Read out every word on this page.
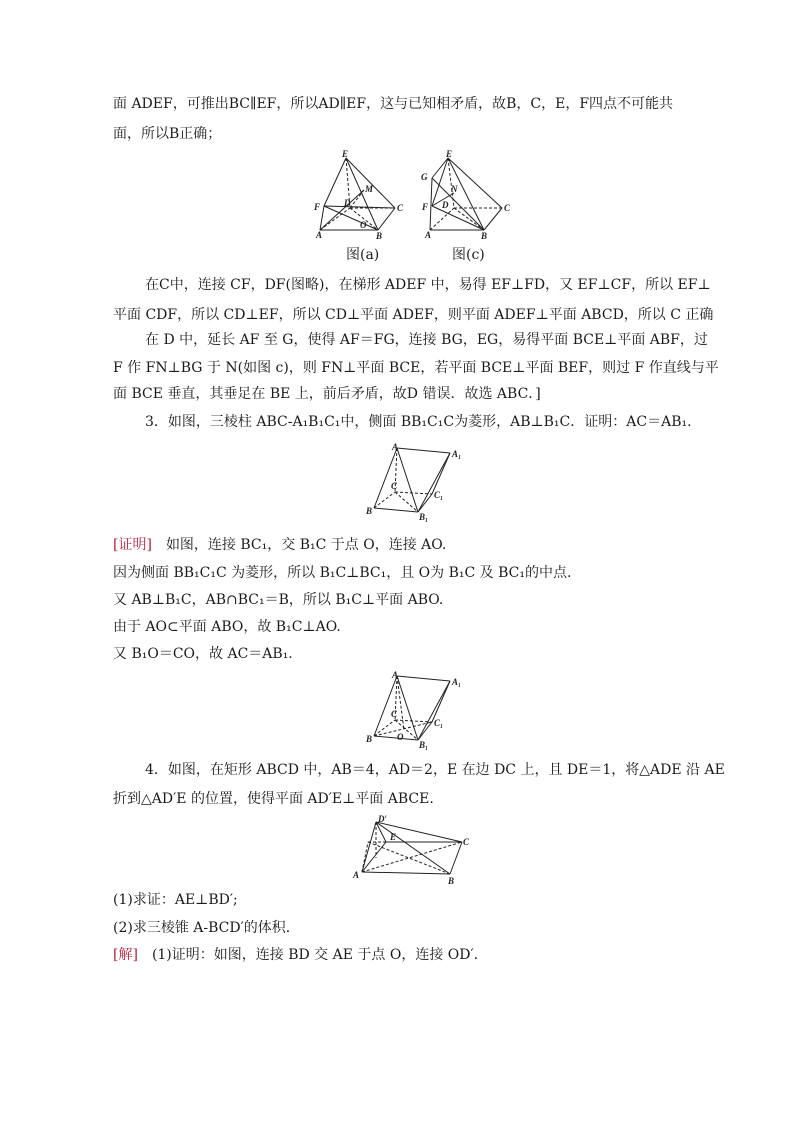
面 ADEF，可推出BC∥EF，所以AD∥EF，这与已知相矛盾，故B，C，E，F四点不可能共
面，所以B正确；
E
M
F	D	C
O
A	B
E
G
N
F D	C
A	B
图(a)	图(c)
在C中，连接 CF，DF(图略)，在梯形 ADEF 中，易得 EF⊥FD，又 EF⊥CF，所以 EF⊥
平面 CDF，所以 CD⊥EF，所以 CD⊥平面 ADEF，则平面 ADEF⊥平面 ABCD，所以 C 正确
在 D 中，延长 AF 至 G，使得 AF＝FG，连接 BG，EG，易得平面 BCE⊥平面 ABF，过
F 作 FN⊥BG 于 N(如图 c)，则 FN⊥平面 BCE，若平面 BCE⊥平面 BEF，则过 F 作直线与平
面 BCE 垂直，其垂足在 BE 上，前后矛盾，故D 错误．故选 ABC．]
3．如图，三棱柱 ABC-A₁B₁C₁中，侧面 BB₁C₁C为菱形，AB⊥B₁C．证明：AC＝AB₁.
A
A₁
C
C₁
B
B₁
[证明]  如图，连接 BC₁，交 B₁C 于点 O，连接 AO.
因为侧面 BB₁C₁C 为菱形，所以 B₁C⊥BC₁，且 O为 B₁C 及 BC₁的中点.
又 AB⊥B₁C，AB∩BC₁＝B，所以 B₁C⊥平面 ABO.
由于 AO⊂平面 ABO，故 B₁C⊥AO.
又 B₁O＝CO，故 AC＝AB₁.
A
A₁
C
C₁
B	O
B₁
4．如图，在矩形 ABCD 中，AB＝4，AD＝2，E 在边 DC 上，且 DE＝1，将△ADE 沿 AE
折到△AD′E 的位置，使得平面 AD′E⊥平面 ABCE.
D′
E	C
A
B
(1)求证：AE⊥BD′;
(2)求三棱锥 A-BCD′的体积.
[解]  (1)证明：如图，连接 BD 交 AE 于点 O，连接 OD′.
